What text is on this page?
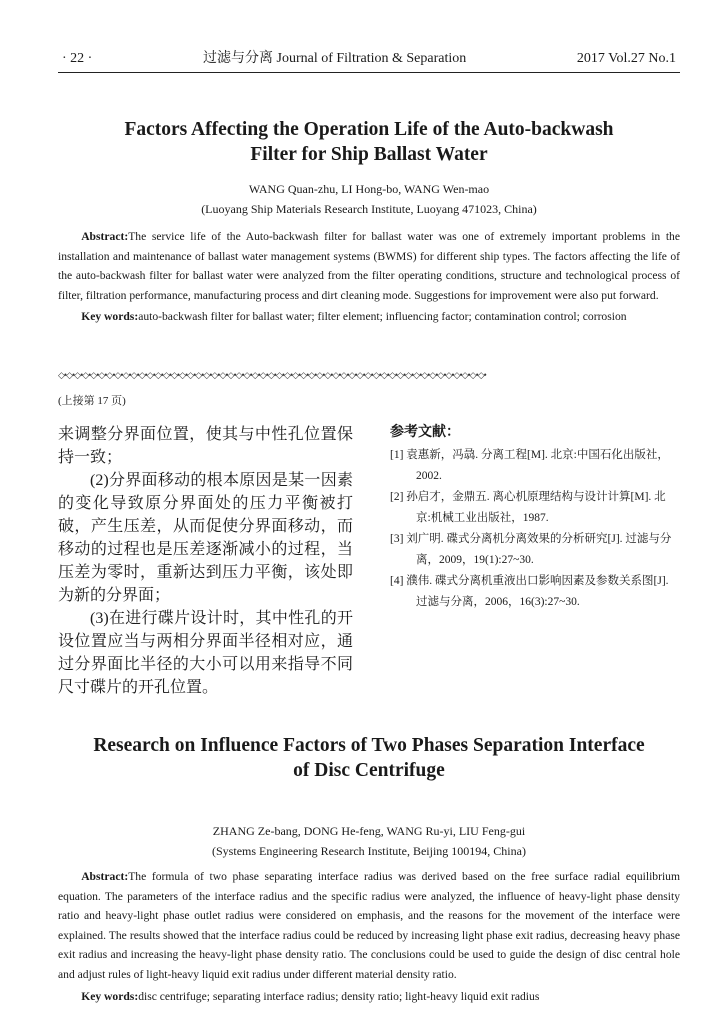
· 22 ·	过滤与分离 Journal of Filtration & Separation	2017 Vol.27 No.1
Factors Affecting the Operation Life of the Auto-backwash
Filter for Ship Ballast Water
WANG Quan-zhu, LI Hong-bo, WANG Wen-mao
(Luoyang Ship Materials Research Institute, Luoyang 471023, China)
Abstract:The service life of the Auto-backwash filter for ballast water was one of extremely important problems in the installation and maintenance of ballast water management systems (BWMS) for different ship types. The factors affecting the life of the auto-backwash filter for ballast water were analyzed from the filter operating conditions, structure and technological process of filter, filtration performance, manufacturing process and dirt cleaning mode. Suggestions for improvement were also put forward.
Key words:auto-backwash filter for ballast water; filter element; influencing factor; contamination control; corrosion
◇•◇•◇•◇•◇•◇•◇•◇•◇•◇•◇•◇•◇•◇•◇•◇•◇•◇•◇•◇•◇•◇•◇•◇•◇•◇•◇•◇•◇•◇•◇•◇•◇•◇•◇•◇•◇•◇•◇•◇•◇•◇•◇•◇•◇•◇•◇•◇•◇•◇•◇•◇•◇•
(上接第 17 页)

来调整分界面位置，使其与中性孔位置保持一致；

(2)分界面移动的根本原因是某一因素的变化导致原分界面处的压力平衡被打破，产生压差，从而促使分界面移动，而移动的过程也是压差逐渐减小的过程，当压差为零时，重新达到压力平衡，该处即为新的分界面；

(3)在进行碟片设计时，其中性孔的开设位置应当与两相分界面半径相对应，通过分界面比半径的大小可以用来指导不同尺寸碟片的开孔位置。

参考文献：
[1] 袁惠新，冯骉. 分离工程[M]. 北京:中国石化出版社，2002.
[2] 孙启才，金鼎五. 离心机原理结构与设计计算[M]. 北京:机械工业出版社，1987.
[3] 刘广明. 碟式分离机分离效果的分析研究[J]. 过滤与分离，2009，19(1):27~30.
[4] 濮伟. 碟式分离机重液出口影响因素及参数关系图[J]. 过滤与分离，2006，16(3):27~30.
Research on Influence Factors of Two Phases Separation Interface
of Disc Centrifuge
ZHANG Ze-bang, DONG He-feng, WANG Ru-yi, LIU Feng-gui
(Systems Engineering Research Institute, Beijing 100194, China)
Abstract:The formula of two phase separating interface radius was derived based on the free surface radial equilibrium equation. The parameters of the interface radius and the specific radius were analyzed, the influence of heavy-light phase density ratio and heavy-light phase outlet radius were considered on emphasis, and the reasons for the movement of the interface were explained. The results showed that the interface radius could be reduced by increasing light phase exit radius, decreasing heavy phase exit radius and increasing the heavy-light phase density ratio. The conclusions could be used to guide the design of disc central hole and adjust rules of light-heavy liquid exit radius under different material density ratio.
Key words:disc centrifuge; separating interface radius; density ratio; light-heavy liquid exit radius
